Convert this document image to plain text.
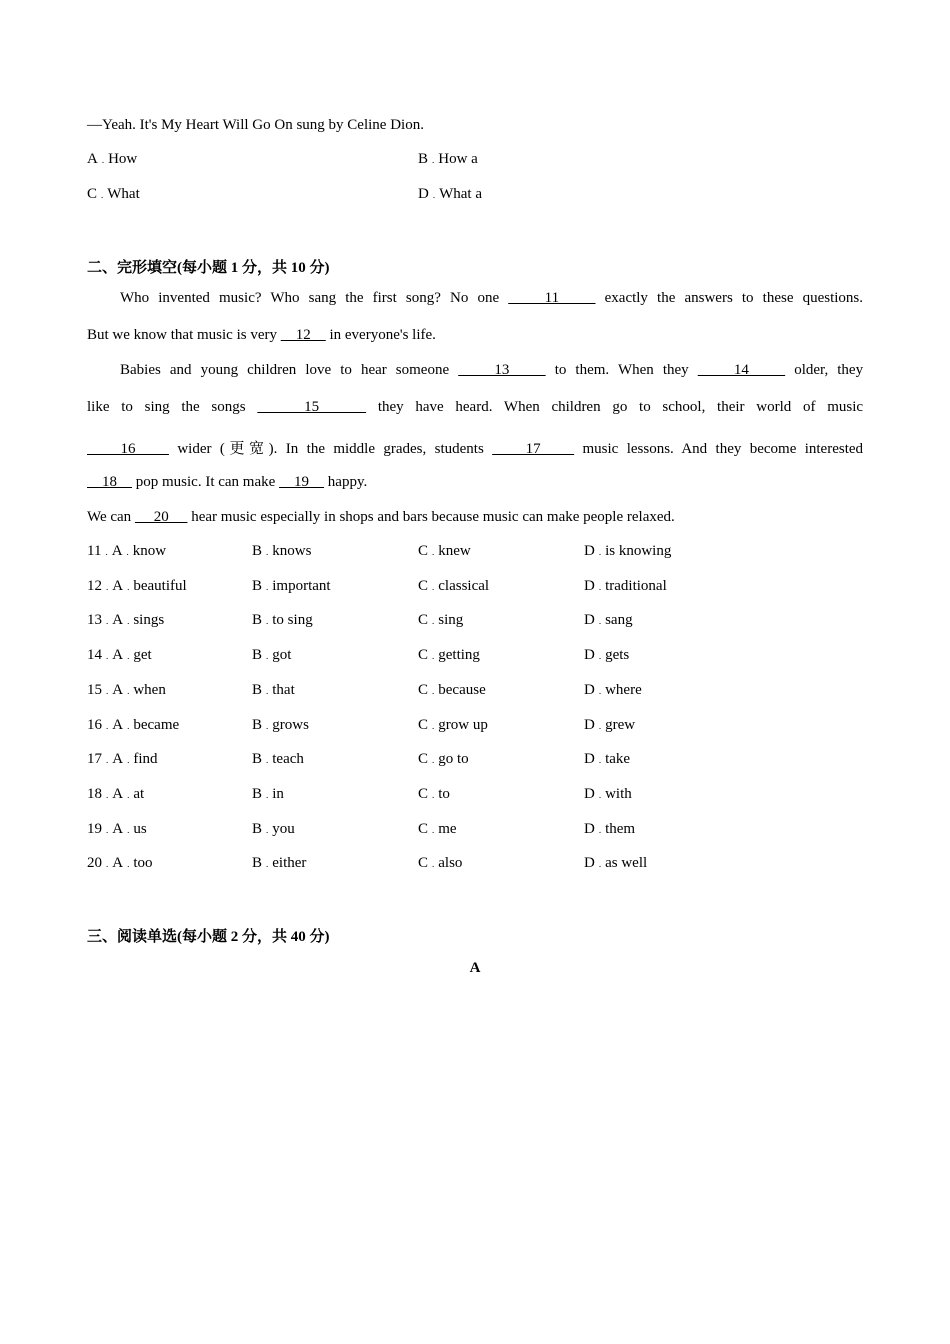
—Yeah. It's My Heart Will Go On sung by Celine Dion.
A . How	B . How a
C . What	D . What a
二、完形填空(每小题 1 分，共 10 分)
Who invented music? Who sang the first song? No one     11     exactly the answers to these questions.
But we know that music is very     12     in everyone's life.
Babies and young children love to hear someone     13     to them. When they     14     older, they
like to sing the songs     15     they have heard. When children go to school, their world of music
16     wider (更宽). In the middle grades, students     17     music lessons. And they become interested
18     pop music. It can make     19     happy.
We can      20      hear music especially in shops and bars because music can make people relaxed.
11 . A . know	B . knows	C . knew	D . is knowing
12 . A . beautiful	B . important	C . classical	D . traditional
13 . A . sings	B . to sing	C . sing	D . sang
14 . A . get	B . got	C . getting	D . gets
15 . A . when	B . that	C . because	D . where
16 . A . became	B . grows	C . grow up	D . grew
17 . A . find	B . teach	C . go to	D . take
18 . A . at	B . in	C . to	D . with
19 . A . us	B . you	C . me	D . them
20 . A . too	B . either	C . also	D . as well
三、阅读单选(每小题 2 分，共 40 分)
A
